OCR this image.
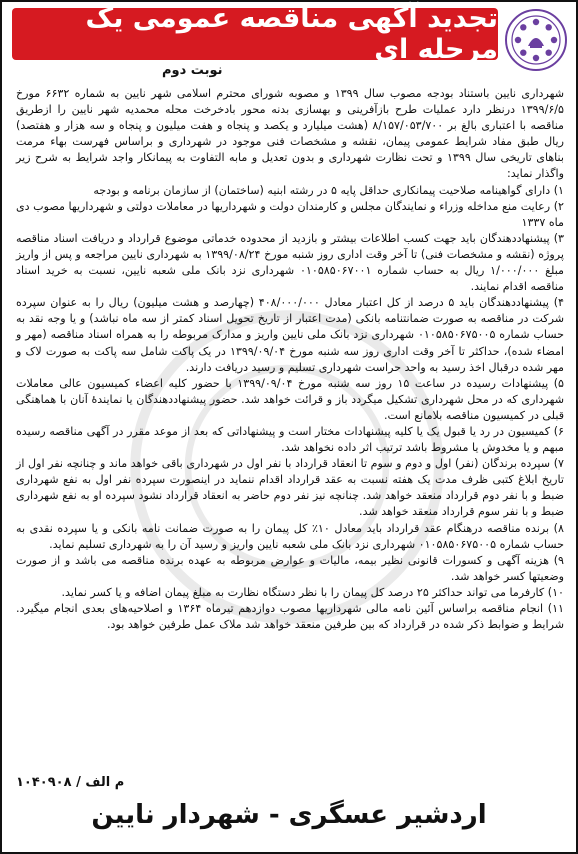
تجدید آگهی مناقصه عمومی یک مرحله ای
نوبت دوم

شهرداری نایین باستناد بودجه مصوب سال ۱۳۹۹ و مصوبه شورای محترم اسلامی شهر نایین به شماره ۶۶۳۲ مورخ ۱۳۹۹/۶/۵ درنظر دارد عملیات طرح بازآفرینی و بهسازی بدنه محور بادخرخت محله محمدیه شهر نایین را ازطریق مناقصه با اعتباری بالغ بر ۸/۱۵۷/۰۵۳/۷۰۰ (هشت میلیارد و یکصد و پنجاه و هفت میلیون و پنجاه و سه هزار و هفتصد) ریال طبق مفاد شرایط عمومی پیمان، نقشه و مشخصات فنی موجود در شهرداری و براساس فهرست بهاء مرمت بناهای تاریخی سال ۱۳۹۹ و تحت نظارت شهرداری و بدون تعدیل و مابه التفاوت به پیمانکار واجد شرایط به شرح زیر واگذار نماید:

۱) دارای گواهینامه صلاحیت پیمانکاری حداقل پایه ۵ در رشته ابنیه (ساختمان) از سازمان برنامه و بودجه

۲) رعایت منع مداخله وزراء و نمایندگان مجلس و کارمندان دولت و شهرداریها در معاملات دولتی و شهرداریها مصوب دی ماه ۱۳۳۷

۳) پیشنهاددهندگان باید جهت کسب اطلاعات بیشتر و بازدید از محدوده خدماتی موضوع قرارداد و دریافت اسناد مناقصه پروژه (نقشه و مشخصات فنی) تا آخر وقت اداری روز شنبه مورخ ۱۳۹۹/۰۸/۲۴ به شهرداری نایین مراجعه و پس از واریز مبلغ ۱/۰۰۰/۰۰۰ ریال به حساب شماره ۰۱۰۵۸۵۰۶۷۰۰۱ شهرداری نزد بانک ملی شعبه نایین، نسبت به خرید اسناد مناقصه اقدام نمایند.

۴) پیشنهاددهندگان باید ۵ درصد از کل اعتبار معادل ۴۰۸/۰۰۰/۰۰۰ (چهارصد و هشت میلیون) ریال را به عنوان سپرده شرکت در مناقصه به صورت ضمانتنامه بانکی (مدت اعتبار از تاریخ تحویل اسناد کمتر از سه ماه نباشد) و یا وجه نقد به حساب شماره ۰۱۰۵۸۵۰۶۷۵۰۰۵ شهرداری نزد بانک ملی نایین واریز و مدارک مربوطه را به همراه اسناد مناقصه (مهر و امضاء شده)، حداکثر تا آخر وقت اداری روز سه شنبه مورخ ۱۳۹۹/۰۹/۰۴ در یک پاکت شامل سه پاکت به صورت لاک و مهر شده درقبال اخذ رسید به واحد حراست شهرداری تسلیم و رسید دریافت دارند.

۵) پیشنهادات رسیده در ساعت ۱۵ روز سه شنبه مورخ ۱۳۹۹/۰۹/۰۴ با حضور کلیه اعضاء کمیسیون عالی معاملات شهرداری که در محل شهرداری تشکیل میگردد باز و قرائت خواهد شد. حضور پیشنهاددهندگان یا نمایندۀ آنان با هماهنگی قبلی در کمیسیون مناقصه بلامانع است.

۶) کمیسیون در رد یا قبول یک یا کلیه پیشنهادات مختار است و پیشنهاداتی که بعد از موعد مقرر در آگهی مناقصه رسیده مبهم و یا مخدوش یا مشروط باشد ترتیب اثر داده نخواهد شد.

۷) سپرده برندگان (نفر) اول و دوم و سوم تا انعقاد قرارداد با نفر اول در شهرداری باقی خواهد ماند و چنانچه نفر اول از تاریخ ابلاغ کتبی ظرف مدت یک هفته نسبت به عقد قرارداد اقدام ننماید در اینصورت سپرده نفر اول به نفع شهرداری ضبط و با نفر دوم قرارداد منعقد خواهد شد. چنانچه نیز نفر دوم حاضر به انعقاد قرارداد نشود سپرده او به نفع شهرداری ضبط و با نفر سوم قرارداد منعقد خواهد شد.

۸) برنده مناقصه درهنگام عقد قرارداد باید معادل ۱۰٪ کل پیمان را به صورت ضمانت نامه بانکی و یا سپرده نقدی به حساب شماره ۰۱۰۵۸۵۰۶۷۵۰۰۵ شهرداری نزد بانک ملی شعبه نایین واریز و رسید آن را به شهرداری تسلیم نماید.

۹) هزینه آگهی و کسورات قانونی نظیر بیمه، مالیات و عوارض مربوطه به عهده برنده مناقصه می باشد و از صورت وضعیتها کسر خواهد شد.

۱۰) کارفرما می تواند حداکثر ۲۵ درصد کل پیمان را با نظر دستگاه نظارت به مبلغ پیمان اضافه و یا کسر نماید.

۱۱) انجام مناقصه براساس آئین نامه مالی شهرداریها مصوب دوازدهم تیرماه ۱۳۶۴ و اصلاحیه‌های بعدی انجام میگیرد. شرایط و ضوابط ذکر شده در قرارداد که بین طرفین منعقد خواهد شد ملاک عمل طرفین خواهد بود.

م الف / ۱۰۴۰۹۰۸
اردشیر عسگری - شهردار نایین
